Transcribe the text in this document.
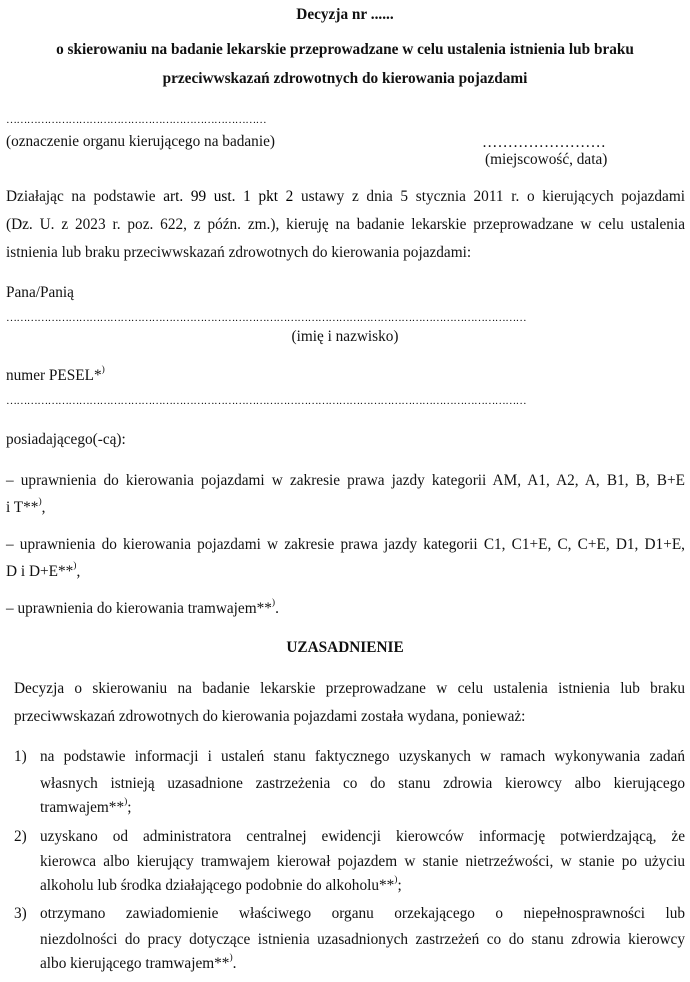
Decyzja nr ......
o skierowaniu na badanie lekarskie przeprowadzane w celu ustalenia istnienia lub braku
przeciwwskazań zdrowotnych do kierowania pojazdami
…………………………………………………………………
(oznaczenie organu kierującego na badanie)	……………………
(miejscowość, data)
Działając na podstawie art. 99 ust. 1 pkt 2 ustawy z dnia 5 stycznia 2011 r. o kierujących pojazdami
(Dz. U. z 2023 r. poz. 622, z późn. zm.), kieruję na badanie lekarskie przeprowadzane w celu ustalenia
istnienia lub braku przeciwwskazań zdrowotnych do kierowania pojazdami:
Pana/Panią
……………………………………………………………………………………………………………………………………
(imię i nazwisko)
numer PESEL*)
……………………………………………………………………………………………………………………………………
posiadającego(-cą):
– uprawnienia do kierowania pojazdami w zakresie prawa jazdy kategorii AM, A1, A2, A, B1, B, B+E
i T**),
– uprawnienia do kierowania pojazdami w zakresie prawa jazdy kategorii C1, C1+E, C, C+E, D1, D1+E,
D i D+E**),
– uprawnienia do kierowania tramwajem**).
UZASADNIENIE
Decyzja o skierowaniu na badanie lekarskie przeprowadzane w celu ustalenia istnienia lub braku
przeciwwskazań zdrowotnych do kierowania pojazdami została wydana, ponieważ:
1) na podstawie informacji i ustaleń stanu faktycznego uzyskanych w ramach wykonywania zadań
własnych istnieją uzasadnione zastrzeżenia co do stanu zdrowia kierowcy albo kierującego
tramwajem**);
2) uzyskano od administratora centralnej ewidencji kierowców informację potwierdzającą, że
kierowca albo kierujący tramwajem kierował pojazdem w stanie nietrzeźwości, w stanie po użyciu
alkoholu lub środka działającego podobnie do alkoholu**);
3) otrzymano zawiadomienie właściwego organu orzekającego o niepełnosprawności lub
niezdolności do pracy dotyczące istnienia uzasadnionych zastrzeżeń co do stanu zdrowia kierowcy
albo kierującego tramwajem**).
